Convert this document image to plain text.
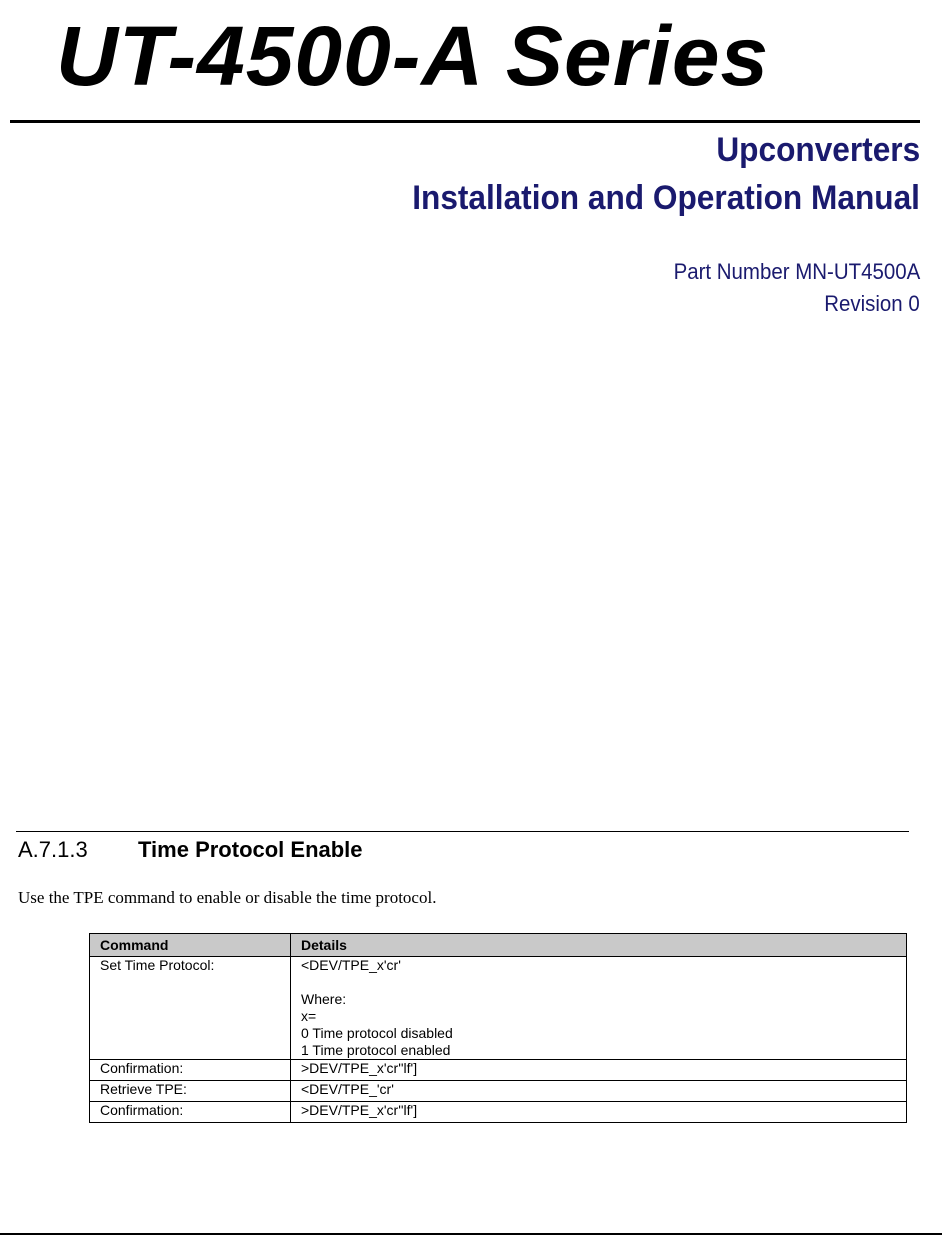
UT-4500-A Series
Upconverters
Installation and Operation Manual
Part Number MN-UT4500A
Revision 0
A.7.1.3 Time Protocol Enable
Use the TPE command to enable or disable the time protocol.
Command	Details
Set Time Protocol:	<DEV/TPE_x'cr'
Where:
x=
0 Time protocol disabled
1 Time protocol enabled

Confirmation:	>DEV/TPE_x'cr''lf']
Retrieve TPE:	<DEV/TPE_'cr'
Confirmation:	>DEV/TPE_x'cr''lf']
